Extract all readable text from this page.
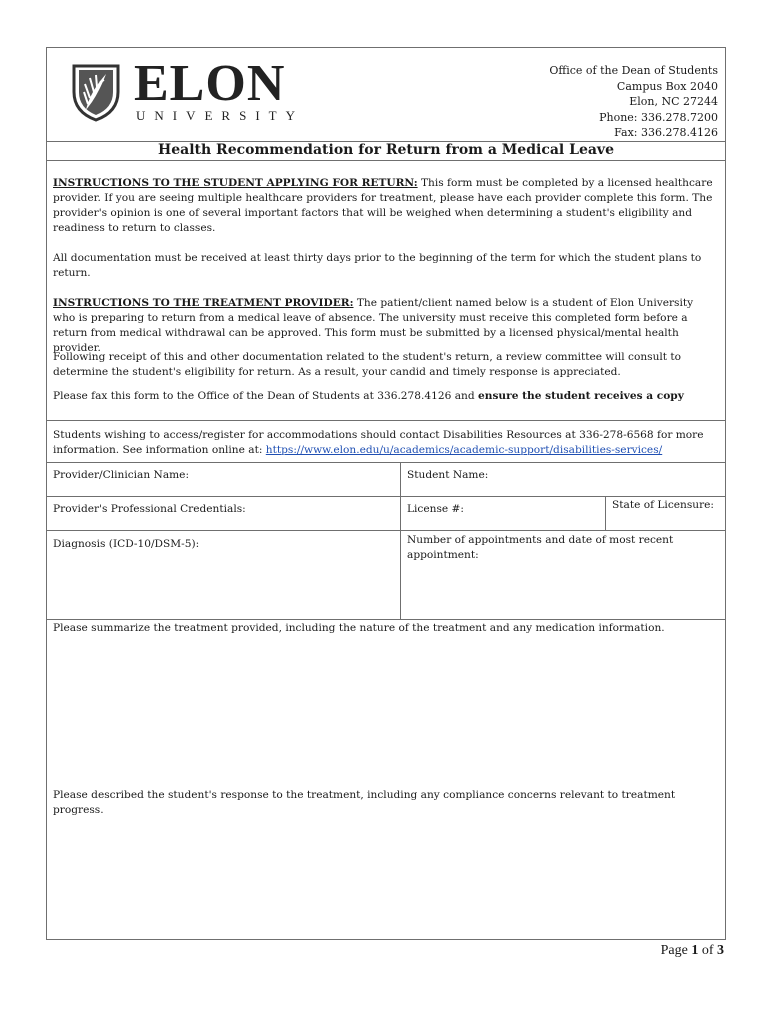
ELON
UNIVERSITY
Office of the Dean of Students
Campus Box 2040
Elon, NC 27244
Phone: 336.278.7200
Fax: 336.278.4126
Health Recommendation for Return from a Medical Leave
INSTRUCTIONS TO THE STUDENT APPLYING FOR RETURN: This form must be completed by a licensed healthcare provider. If you are seeing multiple healthcare providers for treatment, please have each provider complete this form. The provider's opinion is one of several important factors that will be weighed when determining a student's eligibility and readiness to return to classes.
All documentation must be received at least thirty days prior to the beginning of the term for which the student plans to return.
INSTRUCTIONS TO THE TREATMENT PROVIDER: The patient/client named below is a student of Elon University who is preparing to return from a medical leave of absence. The university must receive this completed form before a return from medical withdrawal can be approved. This form must be submitted by a licensed physical/mental health provider.
Following receipt of this and other documentation related to the student's return, a review committee will consult to determine the student's eligibility for return. As a result, your candid and timely response is appreciated.
Please fax this form to the Office of the Dean of Students at 336.278.4126 and ensure the student receives a copy
Students wishing to access/register for accommodations should contact Disabilities Resources at 336-278-6568 for more information. See information online at: https://www.elon.edu/u/academics/academic-support/disabilities-services/
Provider/Clinician Name:	Student Name:
Provider's Professional Credentials:	License #:	State of Licensure:
Diagnosis (ICD-10/DSM-5):	Number of appointments and date of most recent appointment:
Please summarize the treatment provided, including the nature of the treatment and any medication information.
Please described the student's response to the treatment, including any compliance concerns relevant to treatment progress.
Page 1 of 3
